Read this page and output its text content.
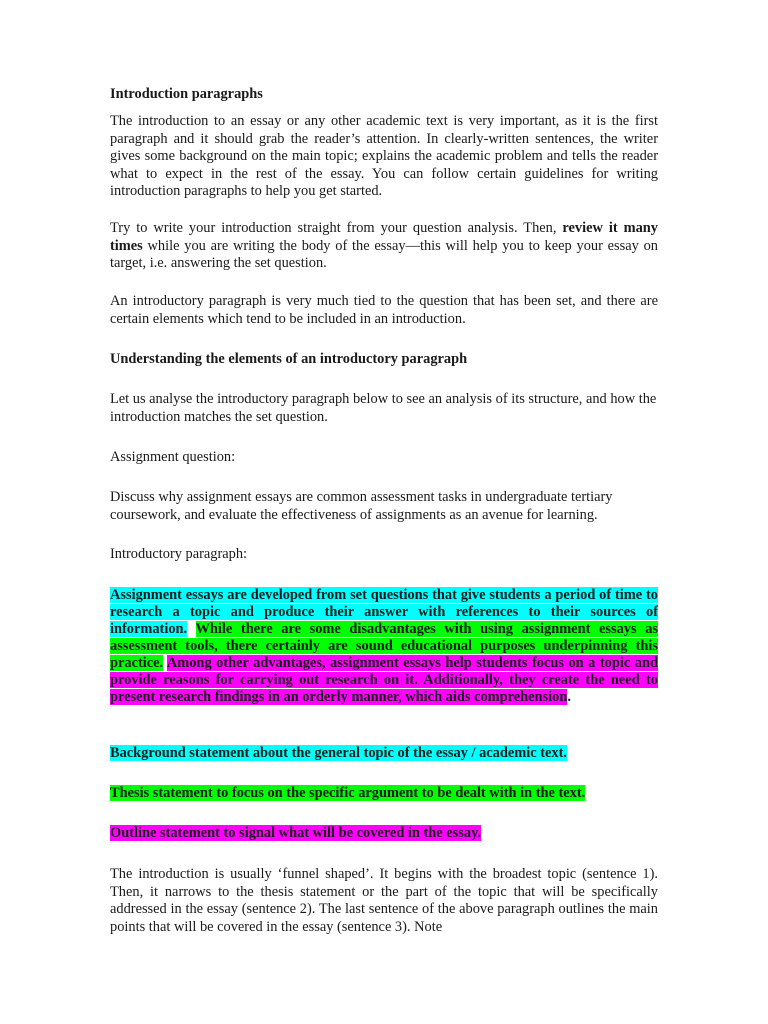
Introduction paragraphs

The introduction to an essay or any other academic text is very important, as it is the first paragraph and it should grab the reader’s attention. In clearly-written sentences, the writer gives some background on the main topic; explains the academic problem and tells the reader what to expect in the rest of the essay. You can follow certain guidelines for writing introduction paragraphs to help you get started.

Try to write your introduction straight from your question analysis. Then, review it many times while you are writing the body of the essay—this will help you to keep your essay on target, i.e. answering the set question.

An introductory paragraph is very much tied to the question that has been set, and there are certain elements which tend to be included in an introduction.

Understanding the elements of an introductory paragraph

Let us analyse the introductory paragraph below to see an analysis of its structure, and how the introduction matches the set question.

Assignment question:

Discuss why assignment essays are common assessment tasks in undergraduate tertiary coursework, and evaluate the effectiveness of assignments as an avenue for learning.

Introductory paragraph:

Assignment essays are developed from set questions that give students a period of time to research a topic and produce their answer with references to their sources of information. While there are some disadvantages with using assignment essays as assessment tools, there certainly are sound educational purposes underpinning this practice. Among other advantages, assignment essays help students focus on a topic and provide reasons for carrying out research on it. Additionally, they create the need to present research findings in an orderly manner, which aids comprehension.

Background statement about the general topic of the essay / academic text.

Thesis statement to focus on the specific argument to be dealt with in the text.

Outline statement to signal what will be covered in the essay.

The introduction is usually ‘funnel shaped’. It begins with the broadest topic (sentence 1). Then, it narrows to the thesis statement or the part of the topic that will be specifically addressed in the essay (sentence 2). The last sentence of the above paragraph outlines the main points that will be covered in the essay (sentence 3). Note
